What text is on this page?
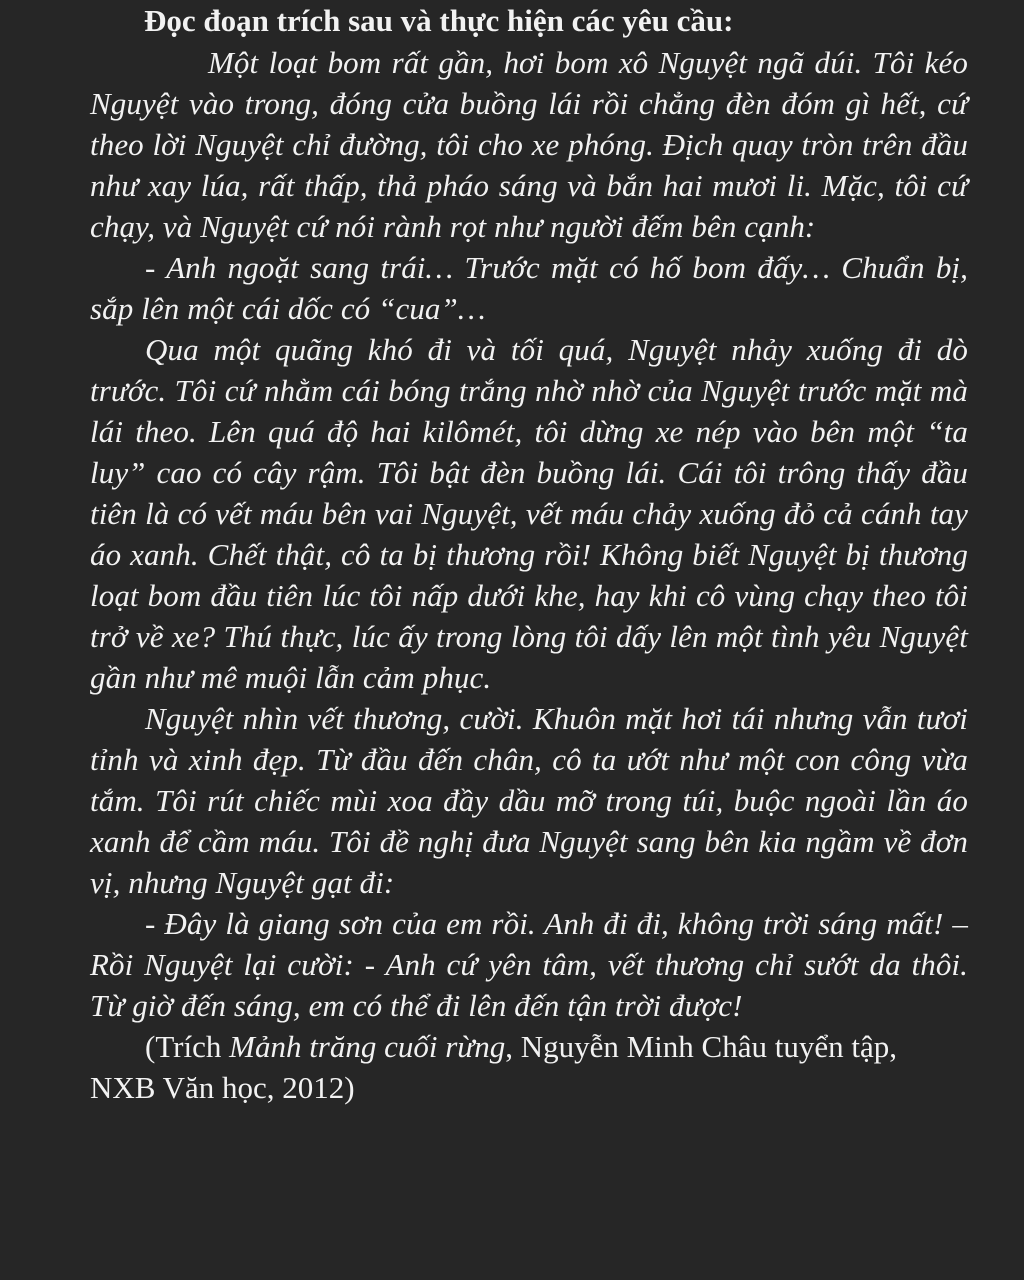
Đọc đoạn trích sau và thực hiện các yêu cầu:

Một loạt bom rất gần, hơi bom xô Nguyệt ngã dúi. Tôi kéo Nguyệt vào trong, đóng cửa buồng lái rồi chẳng đèn đóm gì hết, cứ theo lời Nguyệt chỉ đường, tôi cho xe phóng. Địch quay tròn trên đầu như xay lúa, rất thấp, thả pháo sáng và bắn hai mươi li. Mặc, tôi cứ chạy, và Nguyệt cứ nói rành rọt như người đếm bên cạnh:

- Anh ngoặt sang trái… Trước mặt có hố bom đấy… Chuẩn bị, sắp lên một cái dốc có “cua”…

Qua một quãng khó đi và tối quá, Nguyệt nhảy xuống đi dò trước. Tôi cứ nhằm cái bóng trắng nhờ nhờ của Nguyệt trước mặt mà lái theo. Lên quá độ hai kilômét, tôi dừng xe nép vào bên một “ta luy” cao có cây rậm. Tôi bật đèn buồng lái. Cái tôi trông thấy đầu tiên là có vết máu bên vai Nguyệt, vết máu chảy xuống đỏ cả cánh tay áo xanh. Chết thật, cô ta bị thương rồi! Không biết Nguyệt bị thương loạt bom đầu tiên lúc tôi nấp dưới khe, hay khi cô vùng chạy theo tôi trở về xe? Thú thực, lúc ấy trong lòng tôi dấy lên một tình yêu Nguyệt gần như mê muội lẫn cảm phục.

Nguyệt nhìn vết thương, cười. Khuôn mặt hơi tái nhưng vẫn tươi tỉnh và xinh đẹp. Từ đầu đến chân, cô ta ướt như một con công vừa tắm. Tôi rút chiếc mùi xoa đầy dầu mỡ trong túi, buộc ngoài lần áo xanh để cầm máu. Tôi đề nghị đưa Nguyệt sang bên kia ngầm về đơn vị, nhưng Nguyệt gạt đi:

- Đây là giang sơn của em rồi. Anh đi đi, không trời sáng mất! – Rồi Nguyệt lại cười: - Anh cứ yên tâm, vết thương chỉ sướt da thôi. Từ giờ đến sáng, em có thể đi lên đến tận trời được!

(Trích Mảnh trăng cuối rừng, Nguyễn Minh Châu tuyển tập, NXB Văn học, 2012)
